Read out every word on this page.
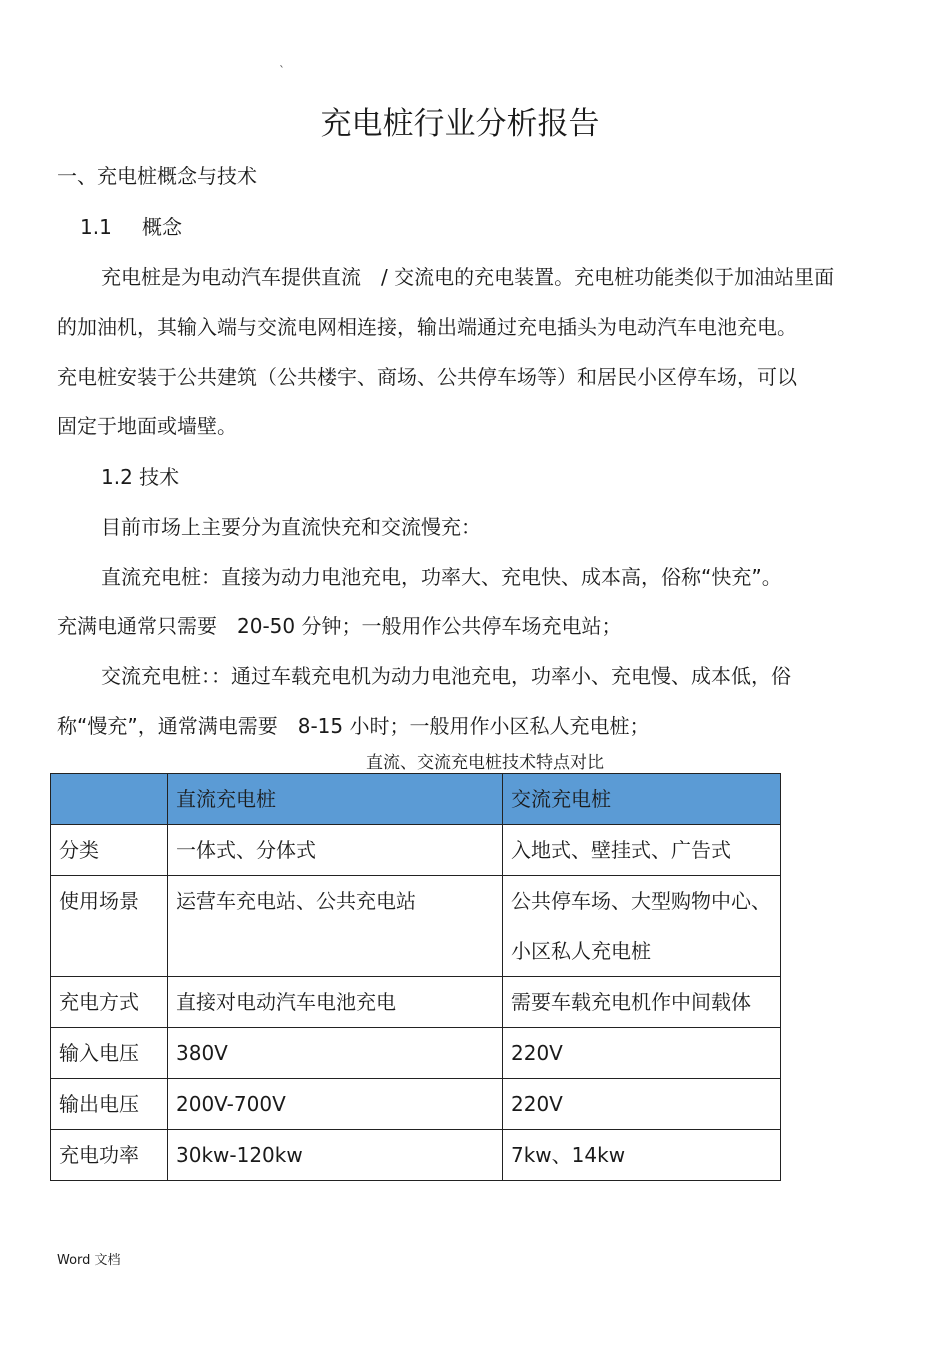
`
充电桩行业分析报告
一、充电桩概念与技术
1.1 概念
充电桩是为电动汽车提供直流　/ 交流电的充电装置。充电桩功能类似于加油站里面
的加油机，其输入端与交流电网相连接，输出端通过充电插头为电动汽车电池充电。
充电桩安装于公共建筑（公共楼宇、商场、公共停车场等）和居民小区停车场，可以
固定于地面或墙壁。
1.2 技术
目前市场上主要分为直流快充和交流慢充：
直流充电桩：直接为动力电池充电，功率大、充电快、成本高，俗称“快充”。
充满电通常只需要　20-50 分钟；一般用作公共停车场充电站；
交流充电桩：：通过车载充电机为动力电池充电，功率小、充电慢、成本低，俗
称“慢充”，通常满电需要　8-15 小时；一般用作小区私人充电桩；
直流、交流充电桩技术特点对比
	直流充电桩	交流充电桩
分类	一体式、分体式	入地式、壁挂式、广告式
使用场景	运营车充电站、公共充电站	公共停车场、大型购物中心、小区私人充电桩

充电方式	直接对电动汽车电池充电	需要车载充电机作中间载体

输入电压	380V	220V
输出电压	200V-700V	220V
充电功率	30kw-120kw	7kw、14kw
Word 文档
